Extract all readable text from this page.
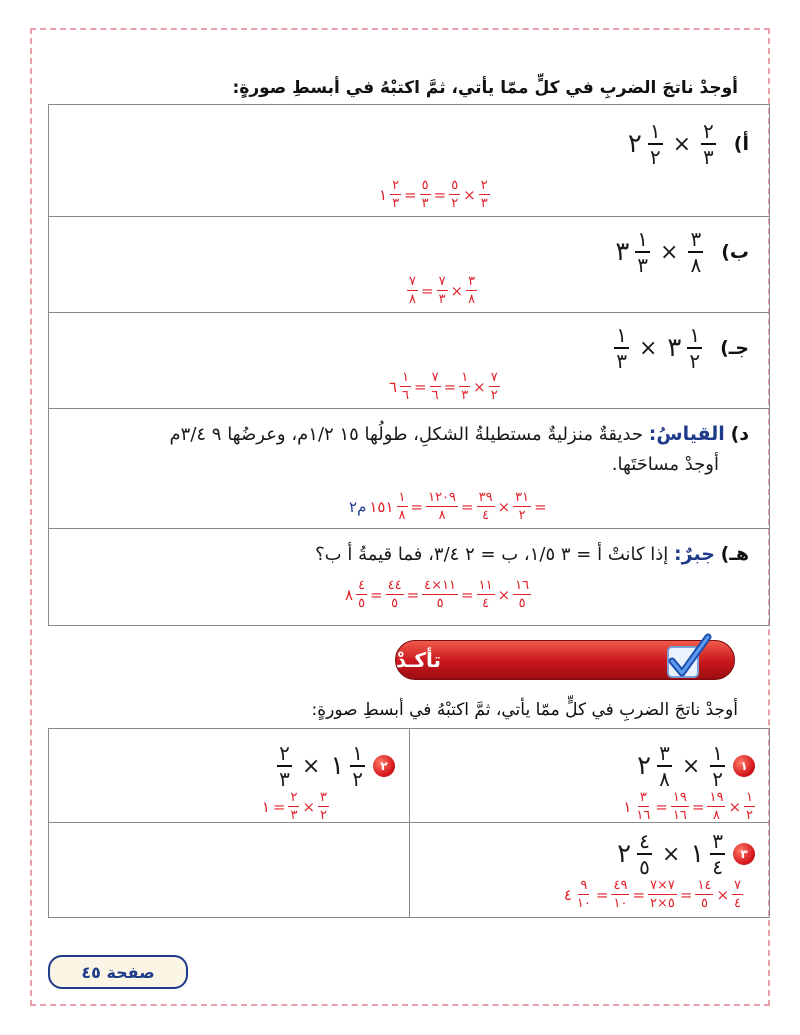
أوجدْ ناتجَ الضربِ في كلٍّ ممّا يأتي، ثمَّ اكتبْهُ في أبسطِ صورةٍ:
أ)
$\frac{٢}{٣}$
×
$\frac{١}{٢}$
٢
$\frac{٢}{٣}$
×
$\frac{٥}{٢}$
=
$\frac{٥}{٣}$
=
$\frac{٢}{٣}$
١
ب)
$\frac{٣}{٨}$
×
$\frac{١}{٣}$
٣
$\frac{٣}{٨}$
×
$\frac{٧}{٣}$
=
$\frac{٧}{٨}$
جـ)
$\frac{١}{٢}$
٣
×
$\frac{١}{٣}$
$\frac{٧}{٢}$
×
$\frac{١}{٣}$
=
$\frac{٧}{٦}$
=
$\frac{١}{٦}$
٦
د) القياسُ: حديقةٌ منزليةٌ مستطيلةُ الشكلِ، طولُها ١٥ ١/٢م، وعرضُها ٩ ٣/٤م
أوجدْ مساحَتَها.
=
$\frac{٣١}{٢}$
×
$\frac{٣٩}{٤}$
=
$\frac{١٢٠٩}{٨}$
=
$\frac{١}{٨}$
١٥١
م٢
هـ) جبرٌ: إذا كانتْ أ = ٣ ١/٥، ب = ٢ ٣/٤، فما قيمةُ أ ب؟
$\frac{١٦}{٥}$
×
$\frac{١١}{٤}$
=
$\frac{١١\times ٤}{٥}$
=
$\frac{٤٤}{٥}$
=
$\frac{٤}{٥}$
٨
تأكـدْ
أوجدْ ناتجَ الضربِ في كلٍّ ممّا يأتي، ثمَّ اكتبْهُ في أبسطِ صورةٍ:
١
$\frac{١}{٢}$
×
$\frac{٣}{٨}$
٢
$\frac{١}{٢}$
×
$\frac{١٩}{٨}$
=
$\frac{١٩}{١٦}$
=
$\frac{٣}{١٦}$
١
٢
$\frac{١}{٢}$
١
×
$\frac{٢}{٣}$
$\frac{٣}{٢}$
×
$\frac{٢}{٣}$
=
١
٣
$\frac{٣}{٤}$
١
×
$\frac{٤}{٥}$
٢
$\frac{٧}{٤}$
×
$\frac{١٤}{٥}$
=
$\frac{٧\times ٧}{٥\times ٢}$
=
$\frac{٤٩}{١٠}$
=
$\frac{٩}{١٠}$
٤
صفحة ٤٥
